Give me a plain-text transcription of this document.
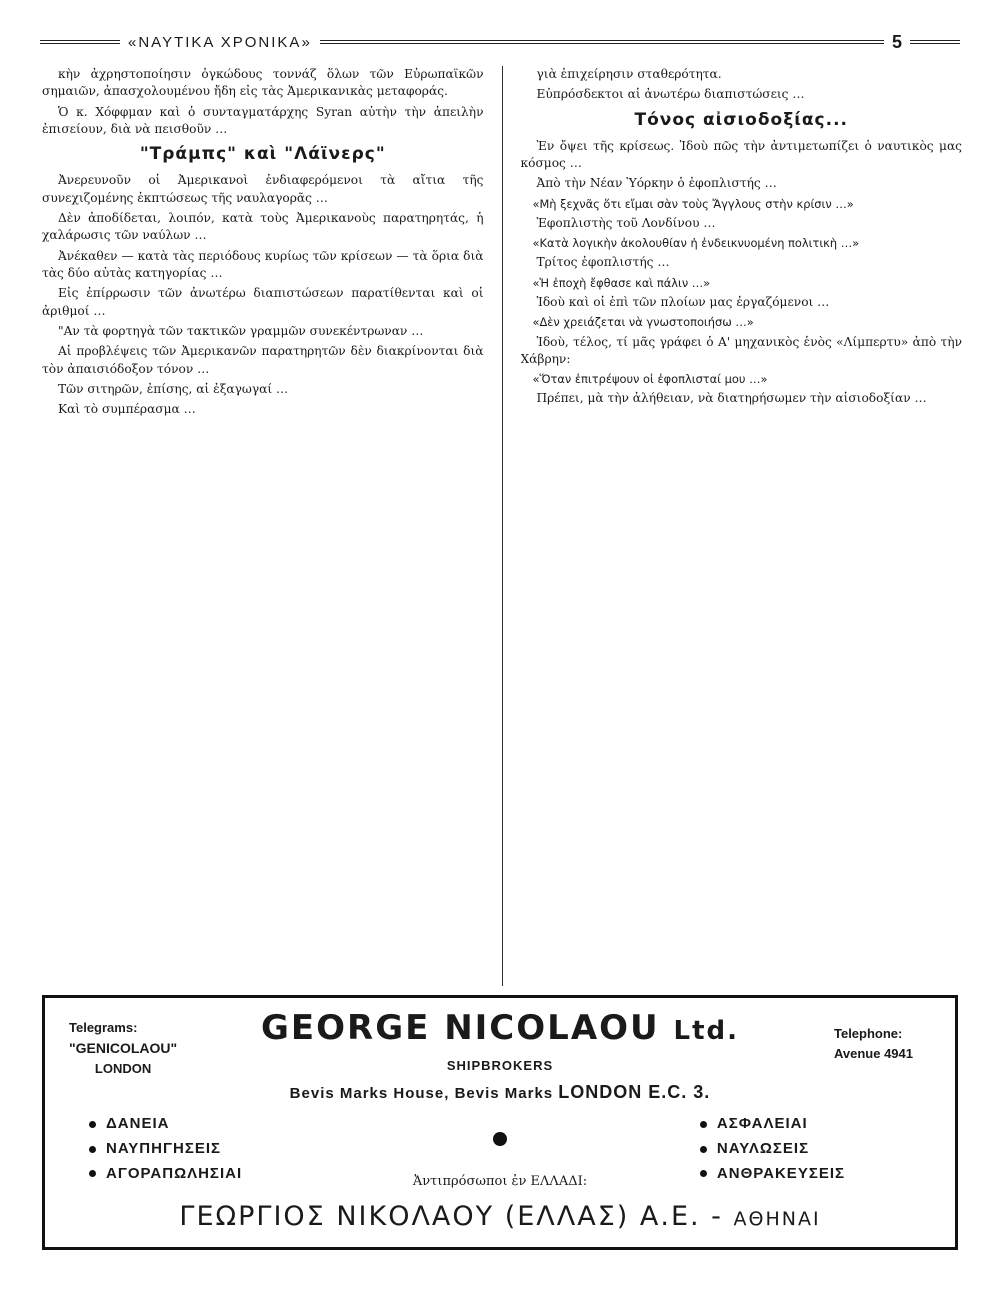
«ΝΑΥΤΙΚΑ ΧΡΟΝΙΚΑ»	5

κὴν ἀχρηστοποίησιν ὀγκώδους τοννάζ ὅλων τῶν Εὐρωπαϊκῶν σημαιῶν, ἀπασχολουμένου ἤδη εἰς τὰς Ἀμερικανικὰς μεταφοράς.

Ὁ κ. Χόφφμαν καὶ ὁ συνταγματάρχης Syran αὐτὴν τὴν ἀπειλὴν ἐπισείουν, διὰ νὰ πεισθοῦν …

"Τράμπς" καὶ "Λάϊνερς"

Ἀνερευνοῦν οἱ Ἀμερικανοὶ ἐνδιαφερόμενοι τὰ αἴτια τῆς συνεχιζομένης ἐκπτώσεως τῆς ναυλαγορᾶς …

Δὲν ἀποδίδεται, λοιπόν, κατὰ τοὺς Ἀμερικανοὺς παρατηρητάς, ἡ χαλάρωσις τῶν ναύλων …

Ἀνέκαθεν — κατὰ τὰς περιόδους κυρίως τῶν κρίσεων — τὰ ὅρια διὰ τὰς δύο αὐτὰς κατηγορίας …

Εἰς ἐπίρρωσιν τῶν ἀνωτέρω διαπιστώσεων παρατίθενται καὶ οἱ ἀριθμοί …

"Αν τὰ φορτηγὰ τῶν τακτικῶν γραμμῶν συνεκέντρωναν …

Αἱ προβλέψεις τῶν Ἀμερικανῶν παρατηρητῶν δὲν διακρίνονται διὰ τὸν ἀπαισιόδοξον τόνον …

Τῶν σιτηρῶν, ἐπίσης, αἱ ἐξαγωγαί …

Καὶ τὸ συμπέρασμα …

γιὰ ἐπιχείρησιν σταθερότητα.

Εὐπρόσδεκτοι αἱ ἀνωτέρω διαπιστώσεις …

Τόνος αἰσιοδοξίας...

Ἐν ὄψει τῆς κρίσεως. Ἰδοὺ πῶς τὴν ἀντιμετωπίζει ὁ ναυτικὸς μας κόσμος …

Ἀπὸ τὴν Νέαν Ὑόρκην ὁ ἐφοπλιστής …

«Μὴ ξεχνᾶς ὅτι εἴμαι σὰν τοὺς Ἄγγλους στὴν κρίσιν …»

Ἐφοπλιστὴς τοῦ Λονδίνου …

«Κατὰ λογικὴν ἀκολουθίαν ἡ ἐνδεικνυομένη πολιτικὴ …»

Τρίτος ἐφοπλιστής …

«Ἡ ἐποχὴ ἔφθασε καὶ πάλιν …»

Ἰδοὺ καὶ οἱ ἐπὶ τῶν πλοίων μας ἐργαζόμενοι …

«Δὲν χρειάζεται νὰ γνωστοποιήσω …»

Ἰδοὺ, τέλος, τί μᾶς γράφει ὁ Α' μηχανικὸς ἑνὸς «Λίμπερτυ» ἀπὸ τὴν Χάβρην:

«Ὅταν ἐπιτρέψουν οἱ ἐφοπλισταί μου …»

Πρέπει, μὰ τὴν ἀλήθειαν, νὰ διατηρήσωμεν τὴν αἰσιοδοξίαν …

Telegrams:
"GENICOLAOU"
LONDON
GEORGE NICOLAOU Ltd.	Telephone:
Avenue 4941
SHIPBROKERS
Bevis Marks House, Bevis Marks LONDON E.C. 3.
ΔΑΝΕΙΑ
ΝΑΥΠΗΓΗΣΕΙΣ
ΑΓΟΡΑΠΩΛΗΣΙΑΙ
ΑΣΦΑΛΕΙΑΙ
ΝΑΥΛΩΣΕΙΣ
ΑΝΘΡΑΚΕΥΣΕΙΣ
Ἀντιπρόσωποι ἐν ΕΛΛΑΔΙ:
ΓΕΩΡΓΙΟΣ ΝΙΚΟΛΑΟΥ (ΕΛΛΑΣ) Α.Ε. - ΑΘΗΝΑΙ
